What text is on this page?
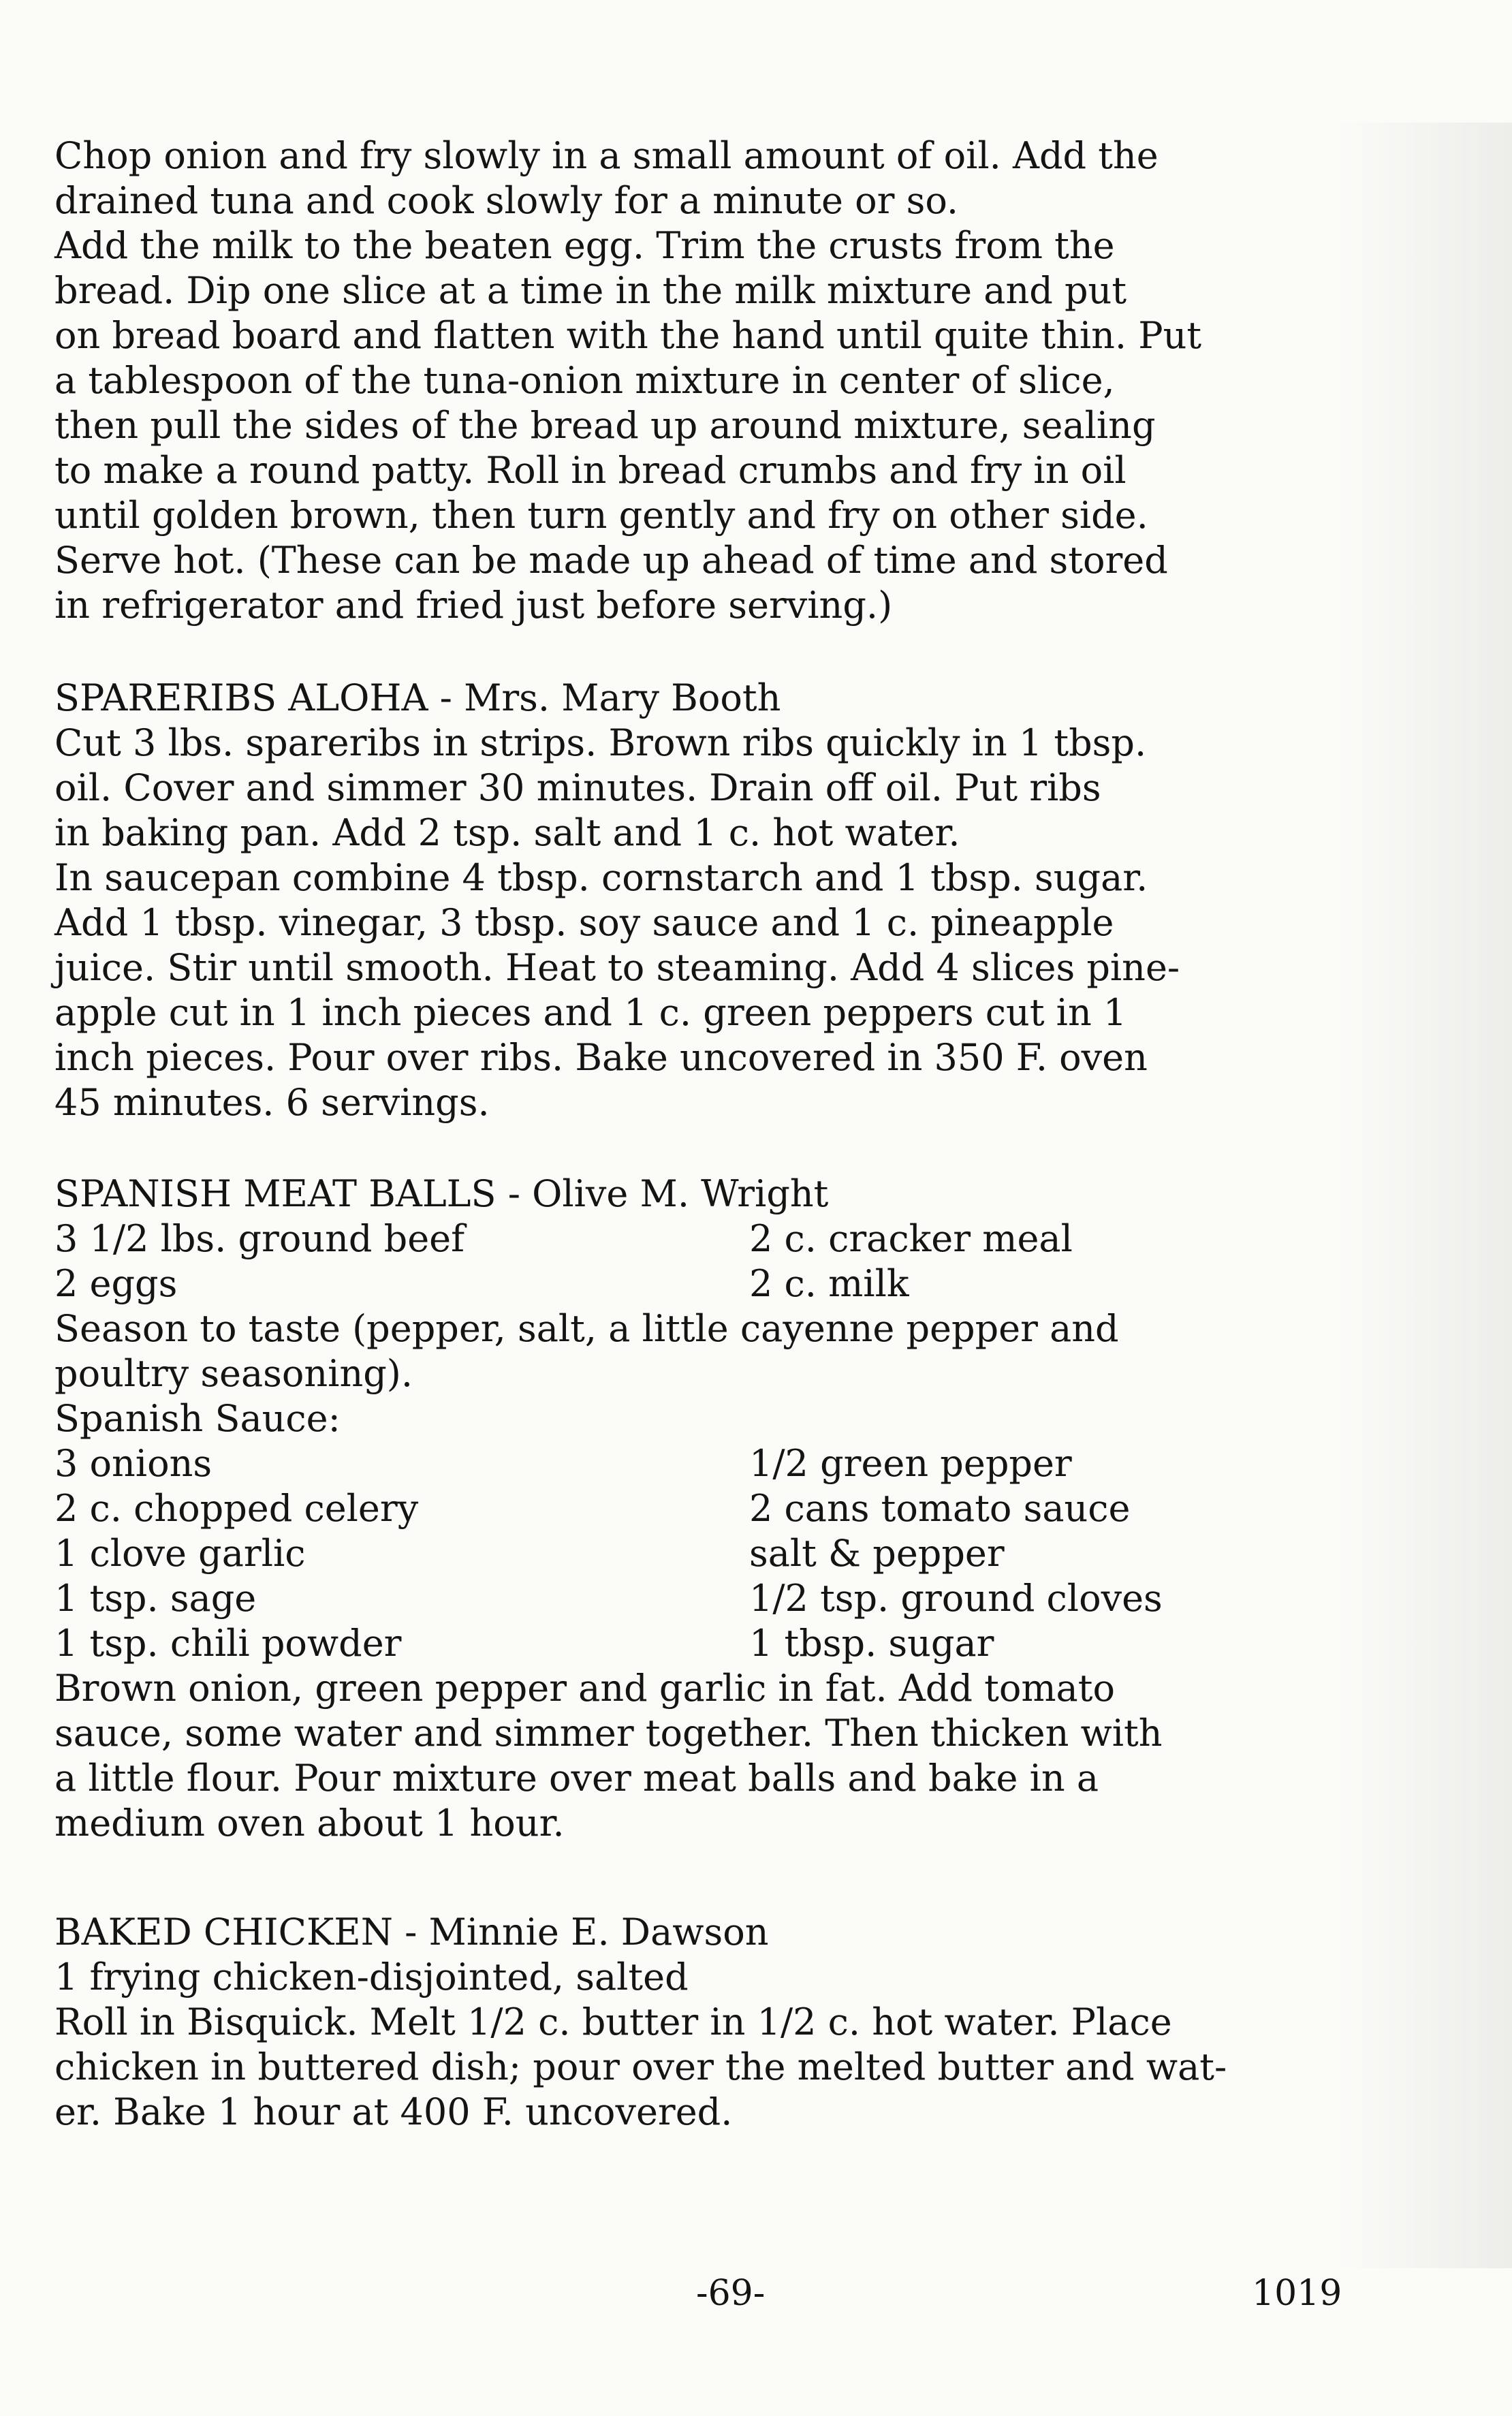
Chop onion and fry slowly in a small amount of oil. Add the
drained tuna and cook slowly for a minute or so.
Add the milk to the beaten egg. Trim the crusts from the
bread. Dip one slice at a time in the milk mixture and put
on bread board and flatten with the hand until quite thin. Put
a tablespoon of the tuna-onion mixture in center of slice,
then pull the sides of the bread up around mixture, sealing
to make a round patty. Roll in bread crumbs and fry in oil
until golden brown, then turn gently and fry on other side.
Serve hot. (These can be made up ahead of time and stored
in refrigerator and fried just before serving.)
SPARERIBS ALOHA - Mrs. Mary Booth
Cut 3 lbs. spareribs in strips. Brown ribs quickly in 1 tbsp.
oil. Cover and simmer 30 minutes. Drain off oil. Put ribs
in baking pan. Add 2 tsp. salt and 1 c. hot water.
In saucepan combine 4 tbsp. cornstarch and 1 tbsp. sugar.
Add 1 tbsp. vinegar, 3 tbsp. soy sauce and 1 c. pineapple
juice. Stir until smooth. Heat to steaming. Add 4 slices pine-
apple cut in 1 inch pieces and 1 c. green peppers cut in 1
inch pieces. Pour over ribs. Bake uncovered in 350 F. oven
45 minutes. 6 servings.
SPANISH MEAT BALLS - Olive M. Wright
3 1/2 lbs. ground beef	2 c. cracker meal
2 eggs	2 c. milk
Season to taste (pepper, salt, a little cayenne pepper and
poultry seasoning).
Spanish Sauce:
3 onions	1/2 green pepper
2 c. chopped celery	2 cans tomato sauce
1 clove garlic	salt & pepper
1 tsp. sage	1/2 tsp. ground cloves
1 tsp. chili powder	1 tbsp. sugar
Brown onion, green pepper and garlic in fat. Add tomato
sauce, some water and simmer together. Then thicken with
a little flour. Pour mixture over meat balls and bake in a
medium oven about 1 hour.
BAKED CHICKEN - Minnie E. Dawson
1 frying chicken-disjointed, salted
Roll in Bisquick. Melt 1/2 c. butter in 1/2 c. hot water. Place
chicken in buttered dish; pour over the melted butter and wat-
er. Bake 1 hour at 400 F. uncovered.
-69-	1019
